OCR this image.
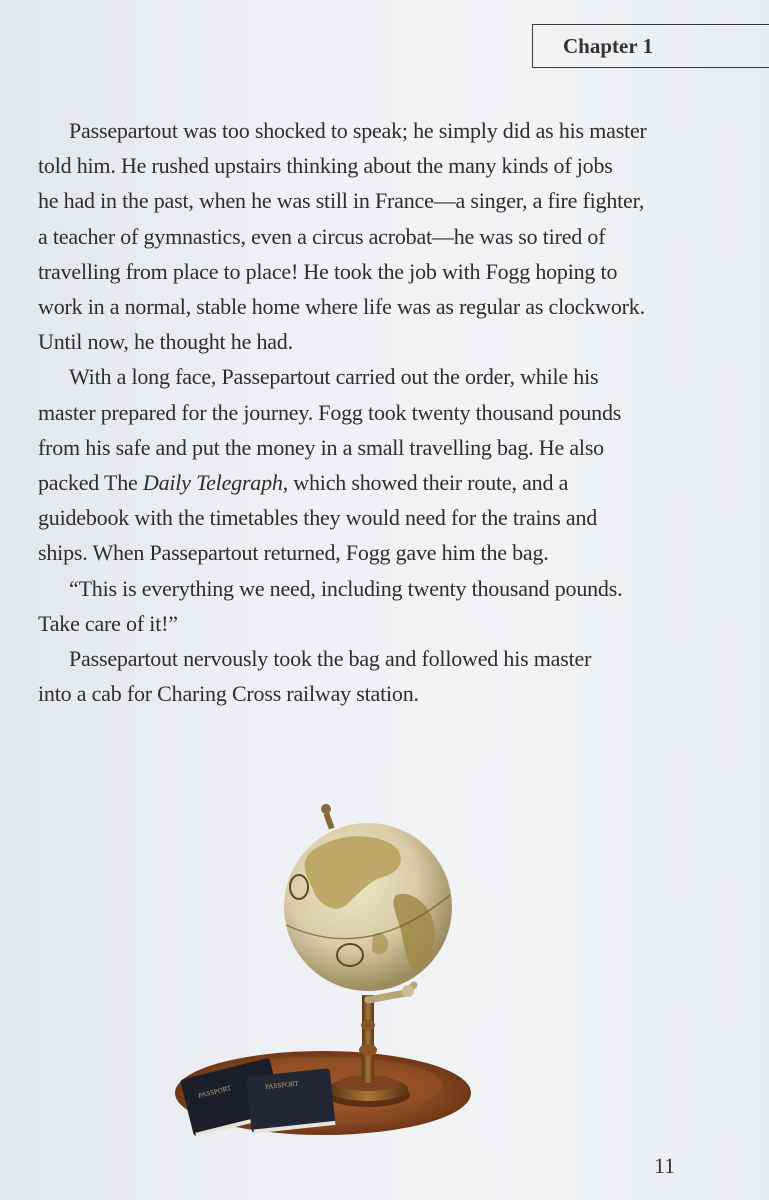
Chapter 1
Passepartout was too shocked to speak; he simply did as his master
told him. He rushed upstairs thinking about the many kinds of jobs
he had in the past, when he was still in France—a singer, a fire fighter,
a teacher of gymnastics, even a circus acrobat—he was so tired of
travelling from place to place! He took the job with Fogg hoping to
work in a normal, stable home where life was as regular as clockwork.
Until now, he thought he had.
With a long face, Passepartout carried out the order, while his
master prepared for the journey. Fogg took twenty thousand pounds
from his safe and put the money in a small travelling bag. He also
packed The Daily Telegraph, which showed their route, and a
guidebook with the timetables they would need for the trains and
ships. When Passepartout returned, Fogg gave him the bag.
“This is everything we need, including twenty thousand pounds.
Take care of it!”
Passepartout nervously took the bag and followed his master
into a cab for Charing Cross railway station.
PASSPORT	PASSPORT
11
